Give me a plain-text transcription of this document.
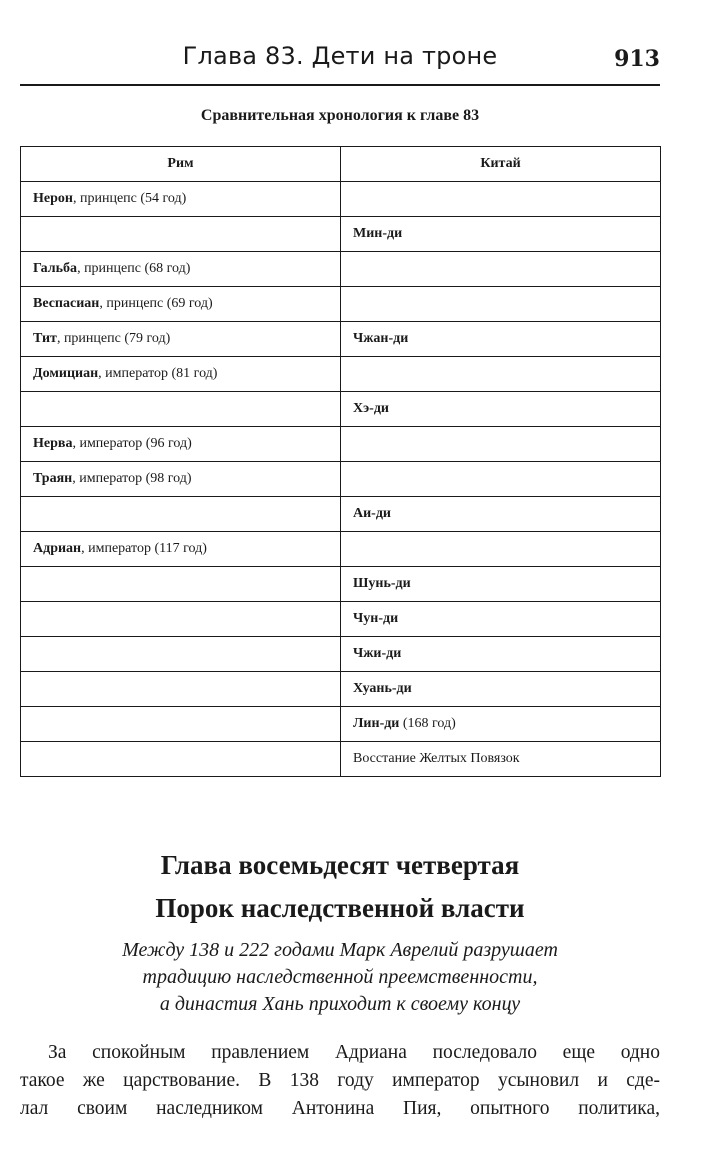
Глава 83. Дети на троне	913
Сравнительная хронология к главе 83
Рим	Китай
Нерон, принцепс (54 год)	
	Мин-ди
Гальба, принцепс (68 год)	
Веспасиан, принцепс (69 год)	
Тит, принцепс (79 год)	Чжан-ди
Домициан, император (81 год)	
	Хэ-ди
Нерва, император (96 год)	
Траян, император (98 год)	
	Аи-ди
Адриан, император (117 год)	
	Шунь-ди
	Чун-ди
	Чжи-ди
	Хуань-ди
	Лин-ди (168 год)
	Восстание Желтых Повязок
Глава восемьдесят четвертая
Порок наследственной власти
Между 138 и 222 годами Марк Аврелий разрушает
традицию наследственной преемственности,
а династия Хань приходит к своему концу
За спокойным правлением Адриана последовало еще одно
такое же царствование. В 138 году император усыновил и сде-
лал своим наследником Антонина Пия, опытного политика,
